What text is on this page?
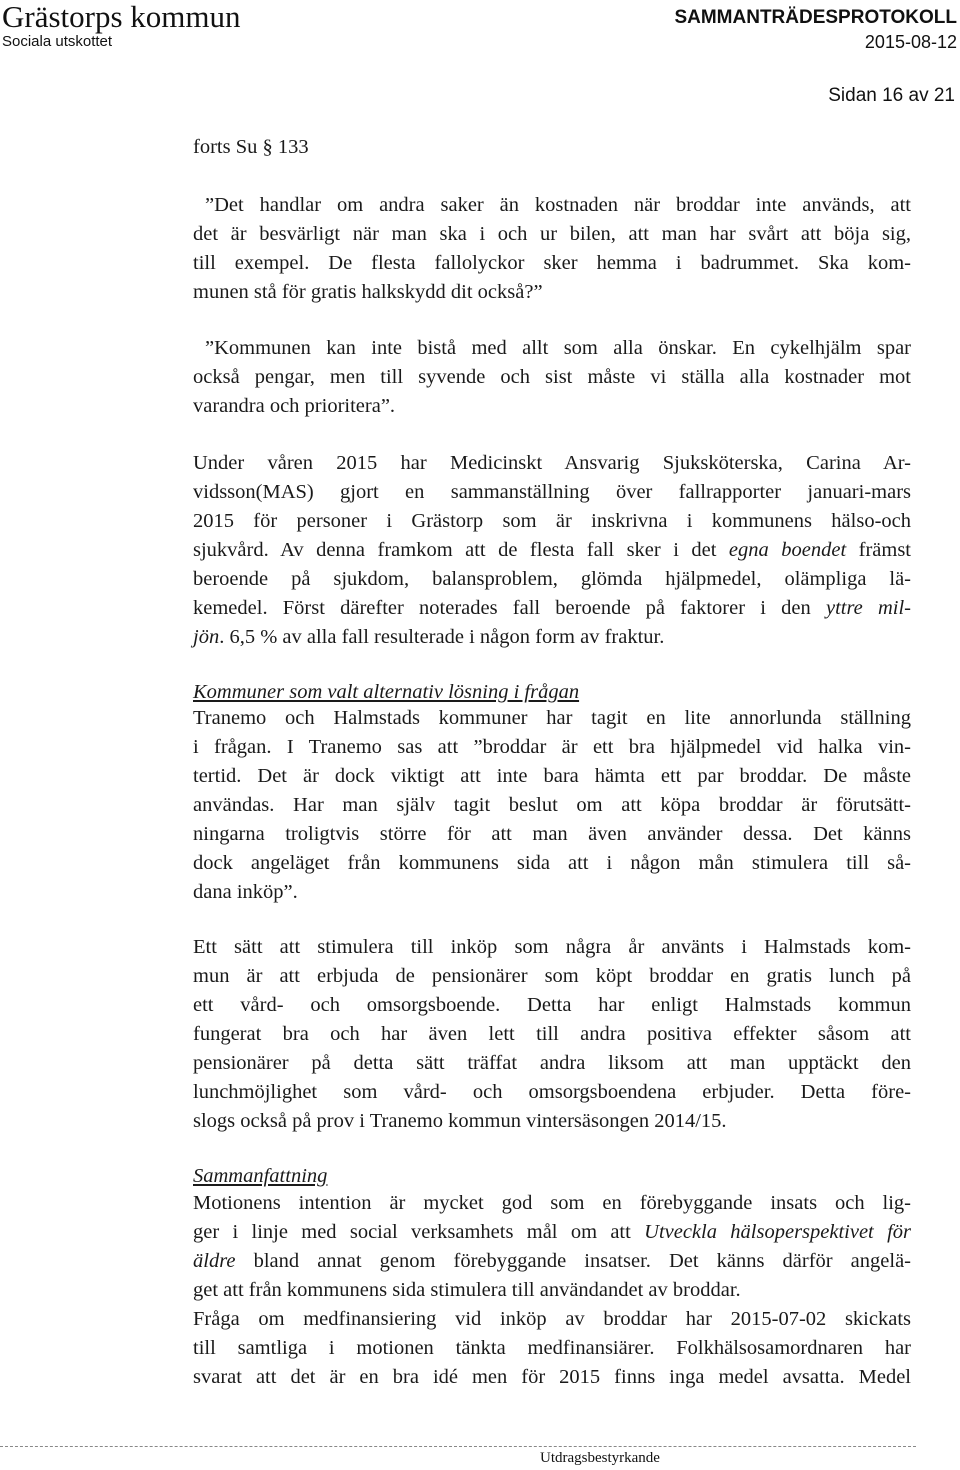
Grästorps kommun
Sociala utskottet
SAMMANTRÄDESPROTOKOLL
2015-08-12
Sidan 16 av 21
forts Su § 133
”Det handlar om andra saker än kostnaden när broddar inte används, att
det är besvärligt när man ska i och ur bilen, att man har svårt att böja sig,
till exempel. De flesta fallolyckor sker hemma i badrummet. Ska kom-
munen stå för gratis halkskydd dit också?”
”Kommunen kan inte bistå med allt som alla önskar. En cykelhjälm spar
också pengar, men till syvende och sist måste vi ställa alla kostnader mot
varandra och prioritera”.
Under våren 2015 har Medicinskt Ansvarig Sjuksköterska, Carina Ar-
vidsson(MAS) gjort en sammanställning över fallrapporter januari-mars
2015 för personer i Grästorp som är inskrivna i kommunens hälso-och
sjukvård. Av denna framkom att de flesta fall sker i det egna boendet främst
beroende på sjukdom, balansproblem, glömda hjälpmedel, olämpliga lä-
kemedel. Först därefter noterades fall beroende på faktorer i den yttre mil-
jön. 6,5 % av alla fall resulterade i någon form av fraktur.
Kommuner som valt alternativ lösning i frågan
Tranemo och Halmstads kommuner har tagit en lite annorlunda ställning
i frågan. I Tranemo sas att ”broddar är ett bra hjälpmedel vid halka vin-
tertid. Det är dock viktigt att inte bara hämta ett par broddar. De måste
användas. Har man själv tagit beslut om att köpa broddar är förutsätt-
ningarna troligtvis större för att man även använder dessa. Det känns
dock angeläget från kommunens sida att i någon mån stimulera till så-
dana inköp”.
Ett sätt att stimulera till inköp som några år använts i Halmstads kom-
mun är att erbjuda de pensionärer som köpt broddar en gratis lunch på
ett vård- och omsorgsboende. Detta har enligt Halmstads kommun
fungerat bra och har även lett till andra positiva effekter såsom att
pensionärer på detta sätt träffat andra liksom att man upptäckt den
lunchmöjlighet som vård- och omsorgsboendena erbjuder. Detta före-
slogs också på prov i Tranemo kommun vintersäsongen 2014/15.
Sammanfattning
Motionens intention är mycket god som en förebyggande insats och lig-
ger i linje med social verksamhets mål om att Utveckla hälsoperspektivet för
äldre bland annat genom förebyggande insatser. Det känns därför angelä-
get att från kommunens sida stimulera till användandet av broddar.
Fråga om medfinansiering vid inköp av broddar har 2015-07-02 skickats
till samtliga i motionen tänkta medfinansiärer. Folkhälsosamordnaren har
svarat att det är en bra idé men för 2015 finns inga medel avsatta. Medel
Utdragsbestyrkande
